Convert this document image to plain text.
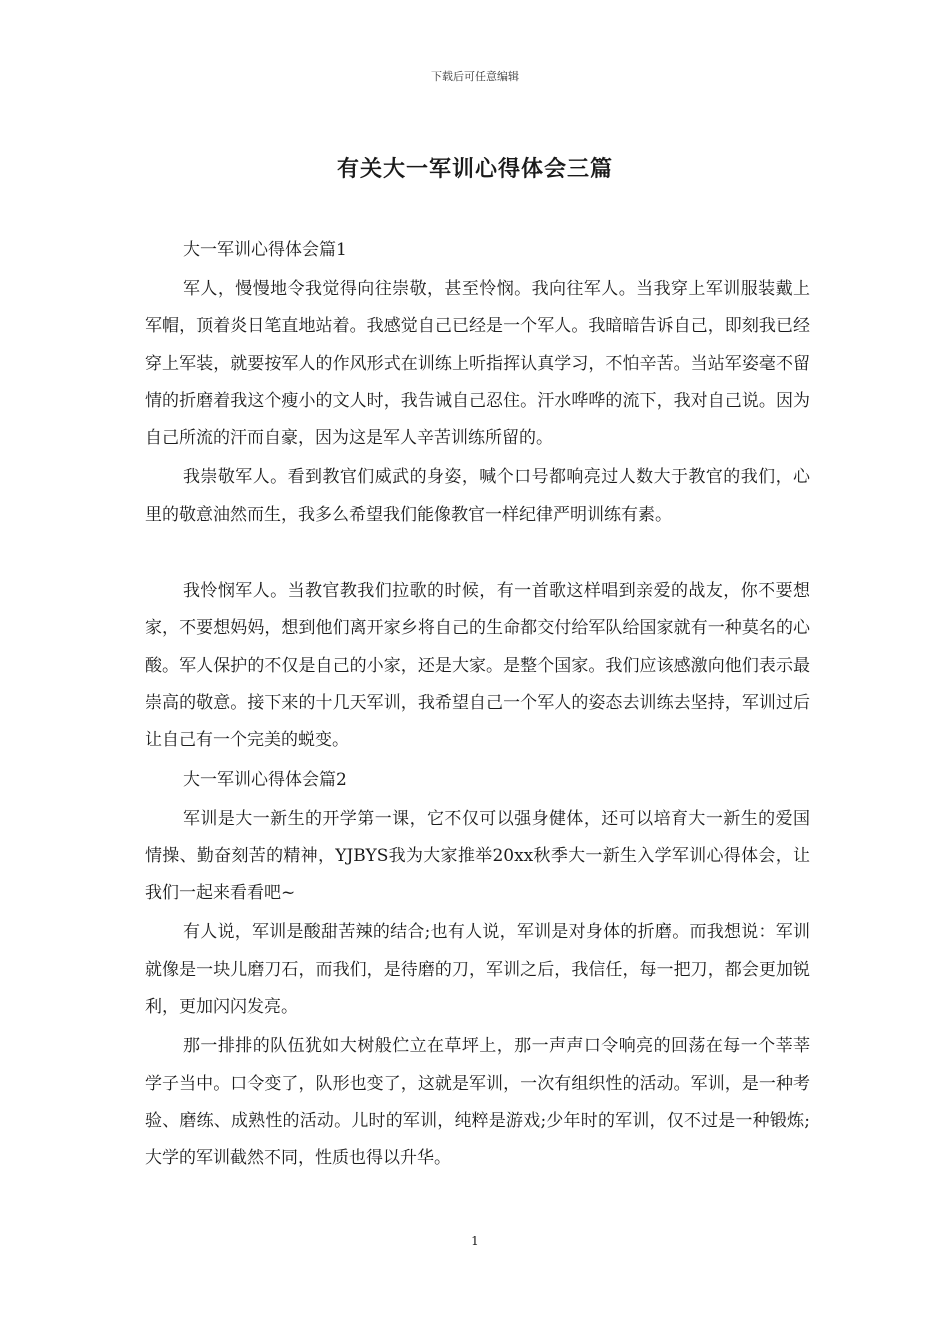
下载后可任意编辑
有关大一军训心得体会三篇

大一军训心得体会篇1

军人，慢慢地令我觉得向往崇敬，甚至怜悯。我向往军人。当我穿上军训服装戴上军帽，顶着炎日笔直地站着。我感觉自己已经是一个军人。我暗暗告诉自己，即刻我已经穿上军装，就要按军人的作风形式在训练上听指挥认真学习，不怕辛苦。当站军姿毫不留情的折磨着我这个瘦小的文人时，我告诫自己忍住。汗水哗哗的流下，我对自己说。因为自己所流的汗而自豪，因为这是军人辛苦训练所留的。

我崇敬军人。看到教官们威武的身姿，喊个口号都响亮过人数大于教官的我们，心里的敬意油然而生，我多么希望我们能像教官一样纪律严明训练有素。

我怜悯军人。当教官教我们拉歌的时候，有一首歌这样唱到亲爱的战友，你不要想家，不要想妈妈，想到他们离开家乡将自己的生命都交付给军队给国家就有一种莫名的心酸。军人保护的不仅是自己的小家，还是大家。是整个国家。我们应该感激向他们表示最崇高的敬意。接下来的十几天军训，我希望自己一个军人的姿态去训练去坚持，军训过后让自己有一个完美的蜕变。

大一军训心得体会篇2

军训是大一新生的开学第一课，它不仅可以强身健体，还可以培育大一新生的爱国情操、勤奋刻苦的精神，YJBYS我为大家推举20xx秋季大一新生入学军训心得体会，让我们一起来看看吧~

有人说，军训是酸甜苦辣的结合;也有人说，军训是对身体的折磨。而我想说：军训就像是一块儿磨刀石，而我们，是待磨的刀，军训之后，我信任，每一把刀，都会更加锐利，更加闪闪发亮。

那一排排的队伍犹如大树般伫立在草坪上，那一声声口令响亮的回荡在每一个莘莘学子当中。口令变了，队形也变了，这就是军训，一次有组织性的活动。军训，是一种考验、磨练、成熟性的活动。儿时的军训，纯粹是游戏;少年时的军训，仅不过是一种锻炼;大学的军训截然不同，性质也得以升华。

1
